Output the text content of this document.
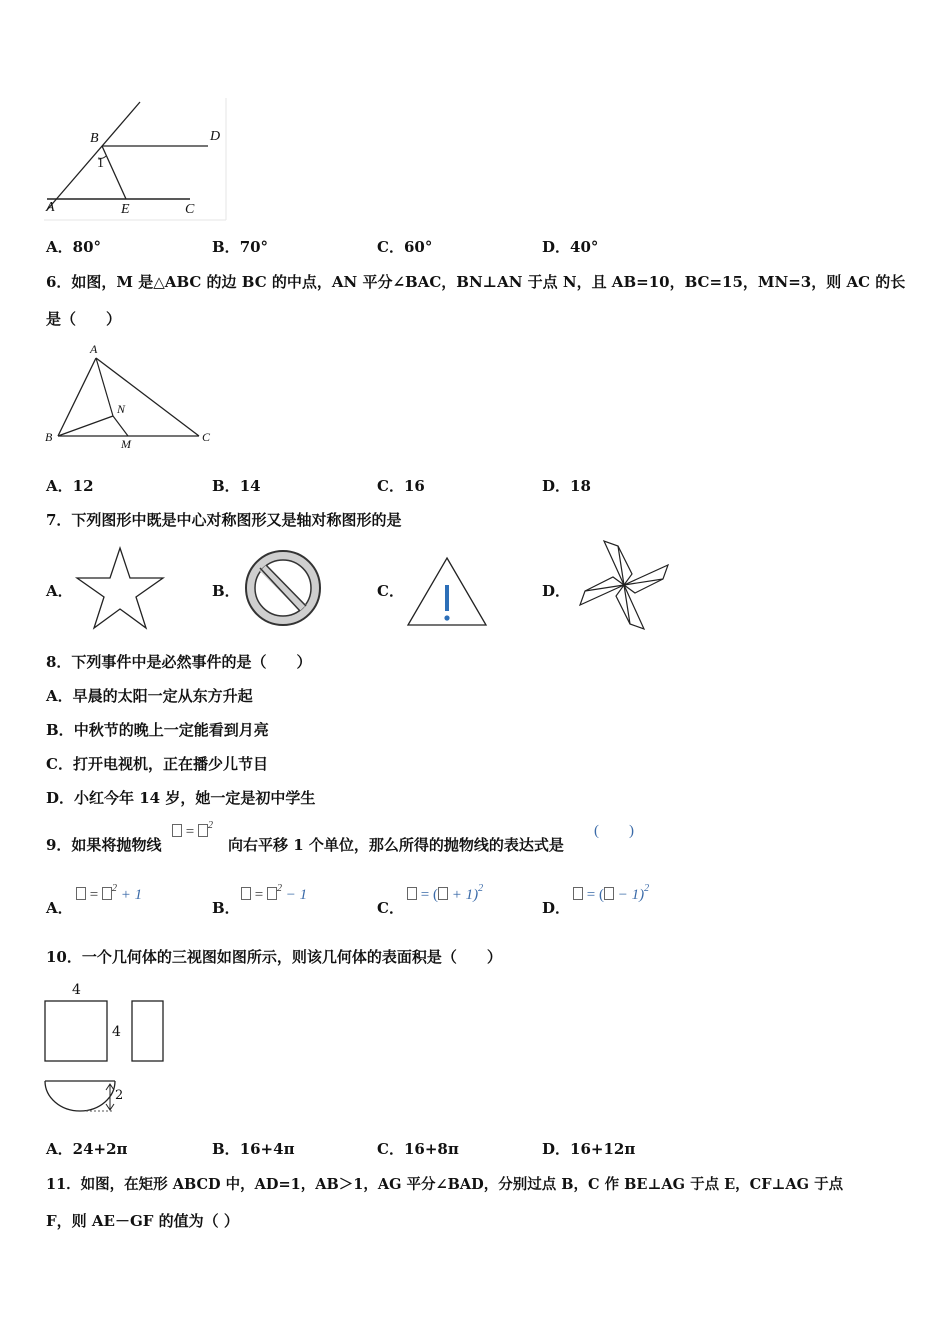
B	D
1
A	E	C
A．80°	B．70°	C．60°	D．40°
6．如图，M 是△ABC 的边 BC 的中点，AN 平分∠BAC，BN⊥AN 于点 N，且 AB=10，BC=15，MN=3，则 AC 的长
是（　　）
A
N
B	M	C
A．12	B．14	C．16	D．18
7．下列图形中既是中心对称图形又是轴对称图形的是
A．	B．	C．	D．
8．下列事件中是必然事件的是（　　）
A．早晨的太阳一定从东方升起
B．中秋节的晚上一定能看到月亮
C．打开电视机，正在播少儿节目
D．小红今年 14 岁，她一定是初中学生
9．如果将抛物线
= $^2$
向右平移 1 个单位，那么所得的抛物线的表达式是
(　　)
A．
= $^2$ + 1
B．
= $^2$ − 1
C．
= ( + 1)$^2$
D．
= ( − 1)$^2$
10．一个几何体的三视图如图所示，则该几何体的表面积是（　　）
4
4
2
A．24+2π	B．16+4π	C．16+8π	D．16+12π
11．如图，在矩形 ABCD 中，AD=1，AB＞1，AG 平分∠BAD，分别过点 B，C 作 BE⊥AG 于点 E，CF⊥AG 于点
F，则 AE－GF 的值为（ ）
